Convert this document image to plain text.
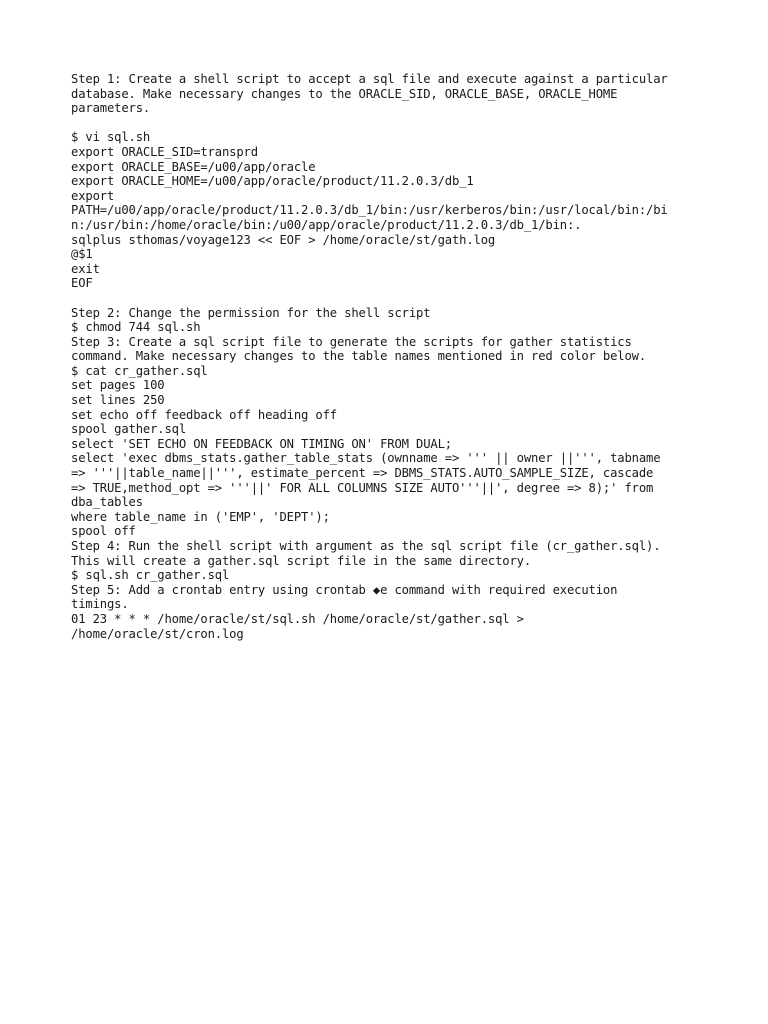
Step 1: Create a shell script to accept a sql file and execute against a particular
database. Make necessary changes to the ORACLE_SID, ORACLE_BASE, ORACLE_HOME
parameters.
$ vi sql.sh
export ORACLE_SID=transprd
export ORACLE_BASE=/u00/app/oracle
export ORACLE_HOME=/u00/app/oracle/product/11.2.0.3/db_1
export
PATH=/u00/app/oracle/product/11.2.0.3/db_1/bin:/usr/kerberos/bin:/usr/local/bin:/bi
n:/usr/bin:/home/oracle/bin:/u00/app/oracle/product/11.2.0.3/db_1/bin:.
sqlplus sthomas/voyage123 << EOF > /home/oracle/st/gath.log
@$1
exit
EOF
Step 2: Change the permission for the shell script
$ chmod 744 sql.sh
Step 3: Create a sql script file to generate the scripts for gather statistics
command. Make necessary changes to the table names mentioned in red color below.
$ cat cr_gather.sql
set pages 100
set lines 250
set echo off feedback off heading off
spool gather.sql
select 'SET ECHO ON FEEDBACK ON TIMING ON' FROM DUAL;
select 'exec dbms_stats.gather_table_stats (ownname => ''' || owner ||''', tabname
=> '''||table_name||''', estimate_percent => DBMS_STATS.AUTO_SAMPLE_SIZE, cascade
=> TRUE,method_opt => '''||' FOR ALL COLUMNS SIZE AUTO'''||', degree => 8);' from
dba_tables
where table_name in ('EMP', 'DEPT');
spool off
Step 4: Run the shell script with argument as the sql script file (cr_gather.sql).
This will create a gather.sql script file in the same directory.
$ sql.sh cr_gather.sql
Step 5: Add a crontab entry using crontab ◆e command with required execution
timings.
01 23 * * * /home/oracle/st/sql.sh /home/oracle/st/gather.sql >
/home/oracle/st/cron.log
